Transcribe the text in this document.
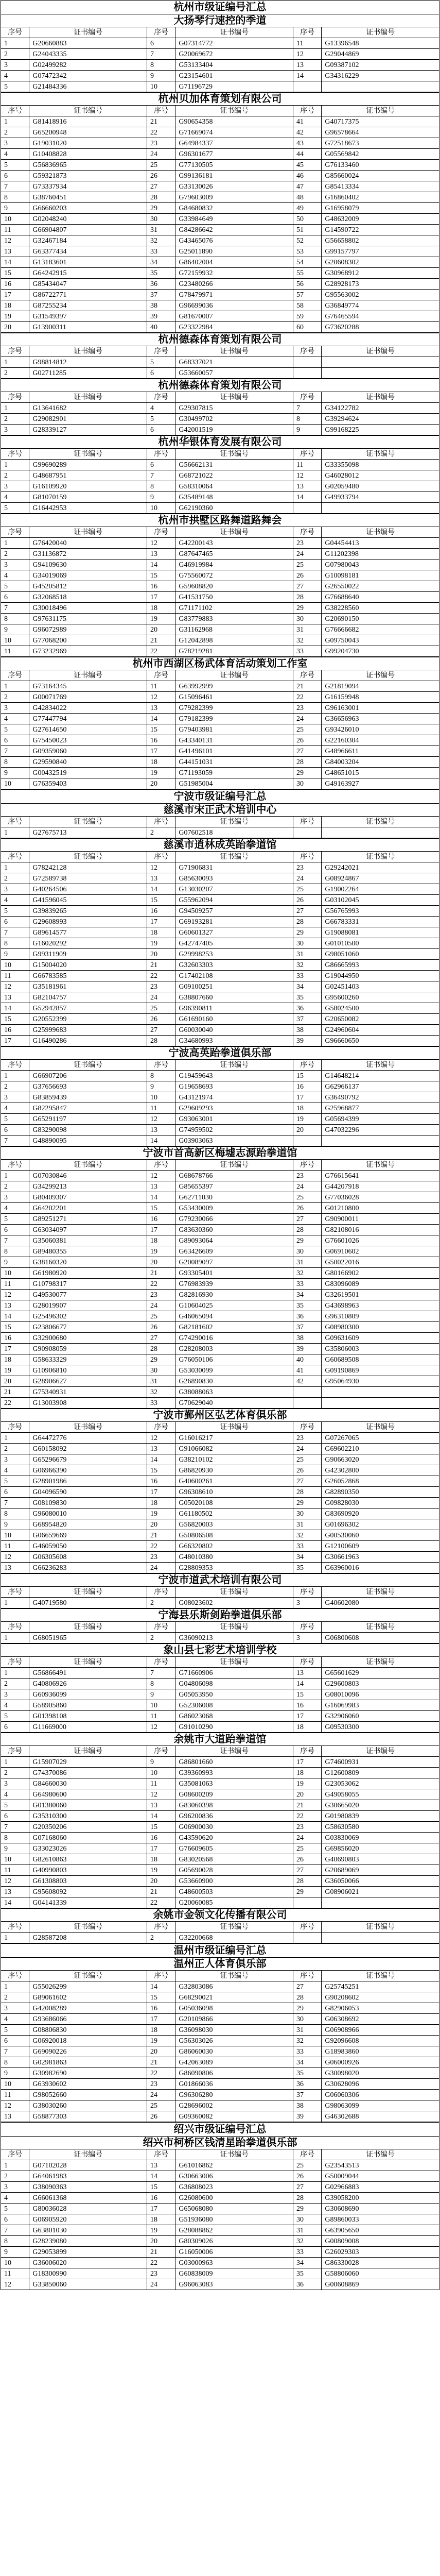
杭州市级证编号汇总
大扬琴行速控的季道
序号	证书编号	序号	证书编号	序号	证书编号
1	G20660883	6	G07314772	11	G13396548
2	G24043335	7	G20069672	12	G29044869
3	G02499282	8	G53133404	13	G09387102
4	G07472342	9	G23154601	14	G34316229
5	G21484336	10	G71196729		
杭州贝加体育策划有限公司
序号	证书编号	序号	证书编号	序号	证书编号
1	G81418916	21	G90654358	41	G40717375
2	G65200948	22	G71669074	42	G96578664
3	G19031020	23	G64984337	43	G72518673
4	G10408828	24	G96301677	44	G05569842
5	G56836965	25	G77130505	45	G76133460
6	G59321873	26	G99136181	46	G85660024
7	G73337934	27	G33130026	47	G85413334
8	G38760451	28	G79603009	48	G16860402
9	G66660203	29	G84680832	49	G16958079
10	G02048240	30	G33984649	50	G48632009
11	G66904807	31	G84286642	51	G14590722
12	G32467184	32	G43465076	52	G56658802
13	G63377434	33	G25011890	53	G99157797
14	G13183601	34	G86402004	54	G20608302
15	G64242915	35	G72159932	55	G30968912
16	G85434047	36	G23480266	56	G28928173
17	G86722771	37	G78479971	57	G95563002
18	G87255234	38	G96699036	58	G36849774
19	G31549397	39	G81670007	59	G76465594
20	G13900311	40	G23322984	60	G73620288
杭州德森体育策划有限公司
序号	证书编号	序号	证书编号	序号	证书编号
1	G98814812	5	G68337021		
2	G02711285	6	G53660057		
杭州德森体育策划有限公司
序号	证书编号	序号	证书编号	序号	证书编号
1	G13641682	4	G29307815	7	G34122782
2	G29082901	5	G30499702	8	G39294624
3	G28339127	6	G42001519	9	G99168225
杭州华银体育发展有限公司
序号	证书编号	序号	证书编号	序号	证书编号
1	G99690289	6	G56662131	11	G33355098
2	G48687951	7	G68721022	12	G46028012
3	G16109920	8	G58310064	13	G02059480
4	G81070159	9	G35489148	14	G49933794
5	G16442953	10	G62190360		
杭州市拱墅区路舞道路舞会
序号	证书编号	序号	证书编号	序号	证书编号
1	G76420040	12	G42200143	23	G04454413
2	G31136872	13	G87647465	24	G11202398
3	G94109630	14	G46919984	25	G07980043
4	G34019069	15	G75560072	26	G10098181
5	G45205812	16	G59608820	27	G26550022
6	G32068518	17	G41531750	28	G76688640
7	G30018496	18	G71171102	29	G38228560
8	G97631175	19	G83779883	30	G20690150
9	G96072989	20	G31162968	31	G76666682
10	G77068200	21	G12042898	32	G09750043
11	G73232969	22	G78219281	33	G99204730
杭州市西湖区杨武体育活动策划工作室
序号	证书编号	序号	证书编号	序号	证书编号
1	G73164345	11	G63992999	21	G21819094
2	G00071769	12	G15096461	22	G16159948
3	G42834022	13	G79282399	23	G96163001
4	G77447794	14	G79182399	24	G36656963
5	G27614650	15	G79403981	25	G93426010
6	G75450023	16	G43340131	26	G22160304
7	G09359060	17	G41496101	27	G48966611
8	G29590840	18	G44151031	28	G84003204
9	G00432519	19	G71193059	29	G48651015
10	G76359403	20	G51985004	30	G49163927
宁波市级证编号汇总
慈溪市宋正武术培训中心
序号	证书编号	序号	证书编号	序号	证书编号
1	G27675713	2	G07602518		
慈溪市逍林成英跆拳道馆
序号	证书编号	序号	证书编号	序号	证书编号
1	G78242128	12	G71906831	23	G29242021
2	G72589738	13	G85630093	24	G08924867
3	G40264506	14	G13030207	25	G19002264
4	G41596045	15	G55962094	26	G03102045
5	G39839265	16	G94509257	27	G56765993
6	G29608993	17	G69193281	28	G66783331
7	G89614577	18	G60601327	29	G19088081
8	G16020292	19	G42747405	30	G01010500
9	G99311909	20	G29998253	31	G98051060
10	G15004020	21	G32603303	32	G86665993
11	G66783585	22	G17402108	33	G19044950
12	G35181961	23	G09100251	34	G02451403
13	G82104757	24	G38807660	35	G95600260
14	G52942857	25	G96390811	36	G58024500
15	G20552399	26	G61690160	37	G20650082
16	G25999683	27	G60030040	38	G24960604
17	G16490286	28	G34680993	39	G96660650
宁波高英跆拳道俱乐部
序号	证书编号	序号	证书编号	序号	证书编号
1	G66907206	8	G19459643	15	G14648214
2	G37656693	9	G19658693	16	G62966137
3	G83859439	10	G43121974	17	G36490792
4	G82295847	11	G29609293	18	G25968877
5	G65291197	12	G93063001	19	G05694399
6	G83290098	13	G74959502	20	G47032296
7	G48890095	14	G03903063		
宁波市首高新区梅墟志源跆拳道馆
序号	证书编号	序号	证书编号	序号	证书编号
1	G07030846	12	G68678766	23	G76615641
2	G34299213	13	G85655397	24	G44207918
3	G80409307	14	G62711030	25	G77036028
4	G64202201	15	G53430009	26	G01210800
5	G89251271	16	G79230066	27	G90900011
6	G63034097	17	G83630360	28	G82108016
7	G35060381	18	G89093064	29	G76601026
8	G89480355	19	G63426609	30	G06910602
9	G38160320	20	G20089097	31	G50022016
10	G61980920	21	G93305401	32	G80166902
11	G10798317	22	G76983939	33	G83096089
12	G49530077	23	G82816930	34	G32619501
13	G28019907	24	G10604025	35	G43698963
14	G25496302	25	G46065094	36	G96310809
15	G23806677	26	G82181602	37	G08980300
16	G32900680	27	G74290016	38	G09631609
17	G90908059	28	G28208003	39	G35806003
18	G58633329	29	G76050106	40	G60689508
19	G10906810	30	G53030099	41	G09190869
20	G28906627	31	G26890830	42	G95064930
21	G75340931	32	G38088063		
22	G13003908	33	G70629040		
宁波市鄞州区弘艺体育俱乐部
序号	证书编号	序号	证书编号	序号	证书编号
1	G64472776	12	G16016217	23	G07267065
2	G60158092	13	G91066082	24	G69602210
3	G65296679	14	G38210102	25	G90663020
4	G06966390	15	G86820930	26	G42302800
5	G28901986	16	G40600261	27	G26052868
6	G04096590	17	G96308610	28	G82890350
7	G08109830	18	G05020108	29	G09828030
8	G96080010	19	G61180502	30	G83690920
9	G68954820	20	G56820003	31	G01696302
10	G06659669	21	G50806508	32	G00530060
11	G46059050	22	G66320802	33	G12100609
12	G06305608	23	G48010380	34	G30661963
13	G66236283	24	G28809353	35	G63960016
宁波市道武术培训有限公司
序号	证书编号	序号	证书编号	序号	证书编号
1	G40719580	2	G08023602	3	G40602080
宁海县乐斯剑跆拳道俱乐部
序号	证书编号	序号	证书编号	序号	证书编号
1	G68051965	2	G36090213	3	G06800608
象山县七彩艺术培训学校
序号	证书编号	序号	证书编号	序号	证书编号
1	G56866491	7	G71660906	13	G65601629
2	G40806926	8	G04806098	14	G29600803
3	G60936099	9	G05053950	15	G08010096
4	G58905860	10	G52306008	16	G16069983
5	G01398108	11	G86023068	17	G32906060
6	G11669000	12	G91010290	18	G09530300
余姚市大道跆拳道馆
序号	证书编号	序号	证书编号	序号	证书编号
1	G15907029	9	G86801660	17	G74600931
2	G74370086	10	G39360993	18	G12600809
3	G84660030	11	G35081063	19	G23053062
4	G64980600	12	G08600209	20	G49058055
5	G01380060	13	G83060398	21	G30665020
6	G35310300	14	G96200836	22	G01980839
7	G20350206	15	G06900030	23	G58630580
8	G07168060	16	G43590620	24	G03830069
9	G33023026	17	G76609605	25	G69856020
10	G82610863	18	G83020568	26	G40690803
11	G40990803	19	G05690028	27	G20689069
12	G61308803	20	G53660900	28	G36050066
13	G95608092	21	G48600503	29	G08906021
14	G04141339	22	G20060085		
余姚市金领文化传播有限公司
序号	证书编号	序号	证书编号	序号	证书编号
1	G28587208	2	G32200668		
温州市级证编号汇总
温州正人体育俱乐部
序号	证书编号	序号	证书编号	序号	证书编号
1	G55026299	14	G32803086	27	G25745251
2	G89061602	15	G68290021	28	G90208602
3	G42008289	16	G05036098	29	G82906053
4	G93686066	17	G20109866	30	G06308692
5	G08806830	18	G36098030	31	G06908966
6	G06920018	19	G56303026	32	G92096608
7	G69090226	20	G86060030	33	G18983860
8	G02981863	21	G42063089	34	G06000926
9	G30982690	22	G86090806	35	G30098020
10	G63930602	23	G01866036	36	G30628096
11	G98052660	24	G96306280	37	G06060306
12	G38030260	25	G28696002	38	G98063099
13	G58877303	26	G09360082	39	G46302688
绍兴市级证编号汇总
绍兴市柯桥区钱清星跆拳道俱乐部
序号	证书编号	序号	证书编号	序号	证书编号
1	G07102028	13	G61016862	25	G23543513
2	G64061983	14	G30663006	26	G50009044
3	G38090363	15	G36808023	27	G02966883
4	G66061368	16	G26080600	28	G39058200
5	G80036028	17	G65068080	29	G30608690
6	G06905920	18	G51936080	30	G89860033
7	G63801030	19	G28088862	31	G63905650
8	G28239080	20	G80309026	32	G00809008
9	G29053899	21	G16050006	33	G26029303
10	G36006020	22	G03000963	34	G86330028
11	G18300990	23	G60838009	35	G58806060
12	G33850060	24	G96063083	36	G00608869
